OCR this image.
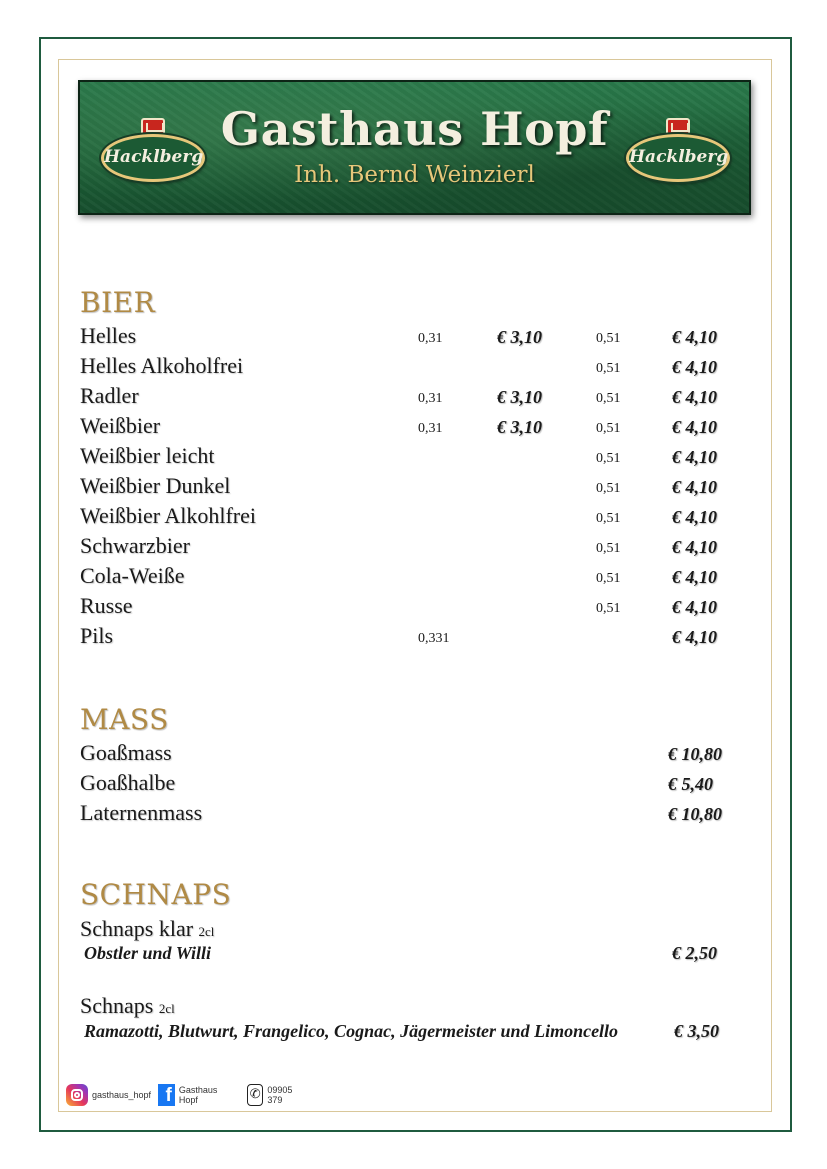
Hacklberg
Gasthaus Hopf
Inh. Bernd Weinzierl
Hacklberg
BIER
Helles	0,31	€ 3,10	0,51	€ 4,10
Helles Alkoholfrei	0,51	€ 4,10
Radler	0,31	€ 3,10	0,51	€ 4,10
Weißbier	0,31	€ 3,10	0,51	€ 4,10
Weißbier leicht	0,51	€ 4,10
Weißbier Dunkel	0,51	€ 4,10
Weißbier Alkohlfrei	0,51	€ 4,10
Schwarzbier	0,51	€ 4,10
Cola-Weiße	0,51	€ 4,10
Russe	0,51	€ 4,10
Pils	0,331	€ 4,10
MASS
Goaßmass	€ 10,80
Goaßhalbe	€ 5,40
Laternenmass	€ 10,80
SCHNAPS
Schnaps klar 2cl
Obstler und Willi	€ 2,50
Schnaps 2cl
Ramazotti, Blutwurt, Frangelico, Cognac, Jägermeister und Limoncello	€ 3,50
gasthaus_hopf f Gasthaus Hopf	✆ 09905 379
